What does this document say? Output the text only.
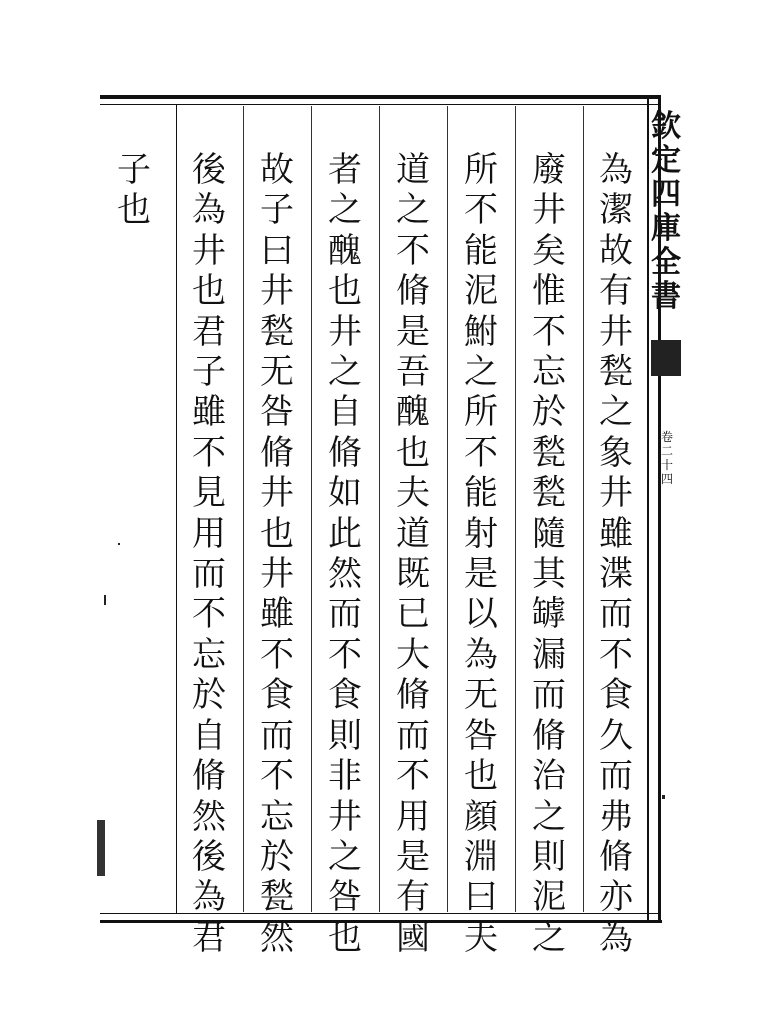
欽
定
四
庫
全
書
卷
二
十
四
為
潔
故
有
井
甃
之
象
井
雖
渫
而
不
食
久
而
弗
脩
亦
為
廢
井
矣
惟
不
忘
於
甃
甃
隨
其
罅
漏
而
脩
治
之
則
泥
之
所
不
能
泥
鮒
之
所
不
能
射
是
以
為
无
咎
也
顔
淵
曰
夫
道
之
不
脩
是
吾
醜
也
夫
道
既
已
大
脩
而
不
用
是
有
國
者
之
醜
也
井
之
自
脩
如
此
然
而
不
食
則
非
井
之
咎
也
故
子
曰
井
甃
无
咎
脩
井
也
井
雖
不
食
而
不
忘
於
甃
然
後
為
井
也
君
子
雖
不
見
用
而
不
忘
於
自
脩
然
後
為
君
子
也
